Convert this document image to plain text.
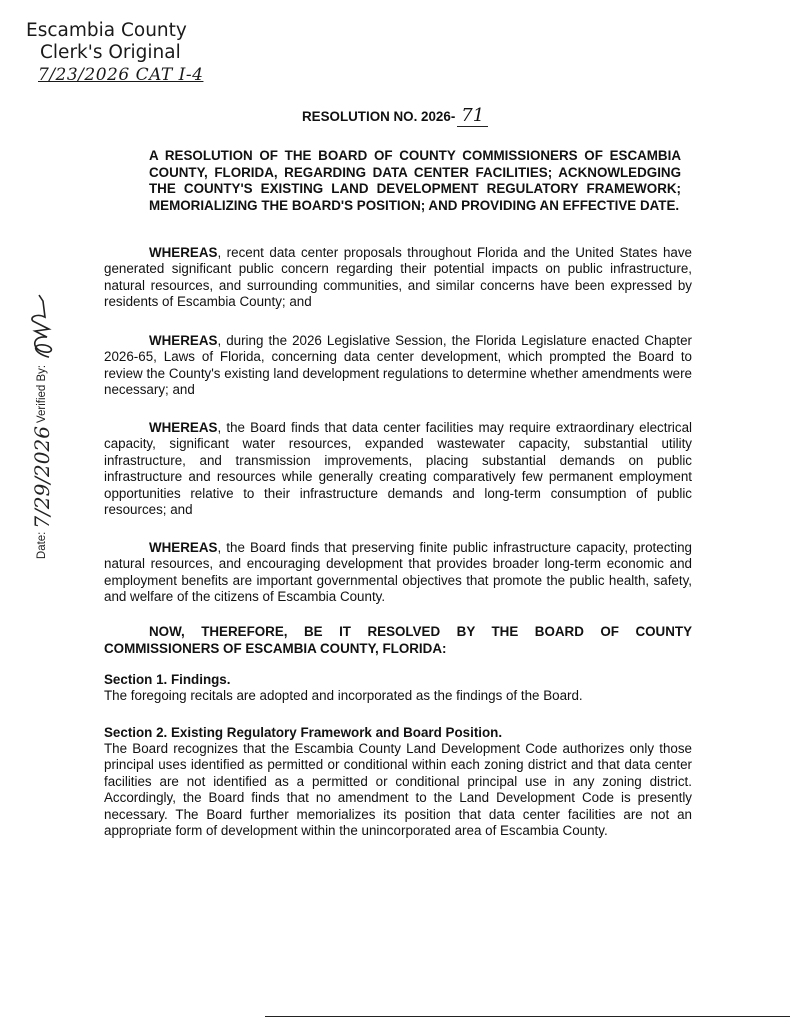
Escambia County
Clerk's Original
7/23/2026 CAT I-4
Date:
7/29/2026
Verified By:
RESOLUTION NO. 2026- 71
A RESOLUTION OF THE BOARD OF COUNTY COMMISSIONERS OF ESCAMBIA COUNTY, FLORIDA, REGARDING DATA CENTER FACILITIES; ACKNOWLEDGING THE COUNTY'S EXISTING LAND DEVELOPMENT REGULATORY FRAMEWORK; MEMORIALIZING THE BOARD'S POSITION; AND PROVIDING AN EFFECTIVE DATE.
WHEREAS, recent data center proposals throughout Florida and the United States have generated significant public concern regarding their potential impacts on public infrastructure, natural resources, and surrounding communities, and similar concerns have been expressed by residents of Escambia County; and
WHEREAS, during the 2026 Legislative Session, the Florida Legislature enacted Chapter 2026-65, Laws of Florida, concerning data center development, which prompted the Board to review the County's existing land development regulations to determine whether amendments were necessary; and
WHEREAS, the Board finds that data center facilities may require extraordinary electrical capacity, significant water resources, expanded wastewater capacity, substantial utility infrastructure, and transmission improvements, placing substantial demands on public infrastructure and resources while generally creating comparatively few permanent employment opportunities relative to their infrastructure demands and long-term consumption of public resources; and
WHEREAS, the Board finds that preserving finite public infrastructure capacity, protecting natural resources, and encouraging development that provides broader long-term economic and employment benefits are important governmental objectives that promote the public health, safety, and welfare of the citizens of Escambia County.
NOW, THEREFORE, BE IT RESOLVED BY THE BOARD OF COUNTY COMMISSIONERS OF ESCAMBIA COUNTY, FLORIDA:
Section 1. Findings.
The foregoing recitals are adopted and incorporated as the findings of the Board.
Section 2. Existing Regulatory Framework and Board Position.
The Board recognizes that the Escambia County Land Development Code authorizes only those principal uses identified as permitted or conditional within each zoning district and that data center facilities are not identified as a permitted or conditional principal use in any zoning district. Accordingly, the Board finds that no amendment to the Land Development Code is presently necessary. The Board further memorializes its position that data center facilities are not an appropriate form of development within the unincorporated area of Escambia County.
